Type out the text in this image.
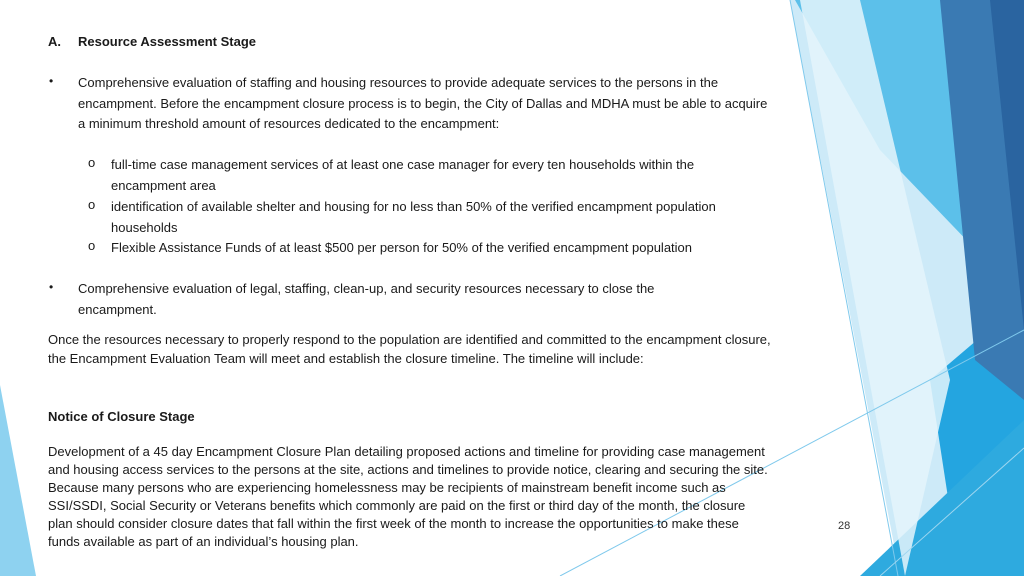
A. Resource Assessment Stage

• Comprehensive evaluation of staffing and housing resources to provide adequate services to the persons in the encampment. Before the encampment closure process is to begin, the City of Dallas and MDHA must be able to acquire a minimum threshold amount of resources dedicated to the encampment:

o full-time case management services of at least one case manager for every ten households within the encampment area

o identification of available shelter and housing for no less than 50% of the verified encampment population households

o Flexible Assistance Funds of at least $500 per person for 50% of the verified encampment population

• Comprehensive evaluation of legal, staffing, clean-up, and security resources necessary to close the encampment.

Once the resources necessary to properly respond to the population are identified and committed to the encampment closure, the Encampment Evaluation Team will meet and establish the closure timeline. The timeline will include:

Notice of Closure Stage

Development of a 45 day Encampment Closure Plan detailing proposed actions and timeline for providing case management and housing access services to the persons at the site, actions and timelines to provide notice, clearing and securing the site. Because many persons who are experiencing homelessness may be recipients of mainstream benefit income such as SSI/SSDI, Social Security or Veterans benefits which commonly are paid on the first or third day of the month, the closure plan should consider closure dates that fall within the first week of the month to increase the opportunities to make these funds available as part of an individual’s housing plan.

28
